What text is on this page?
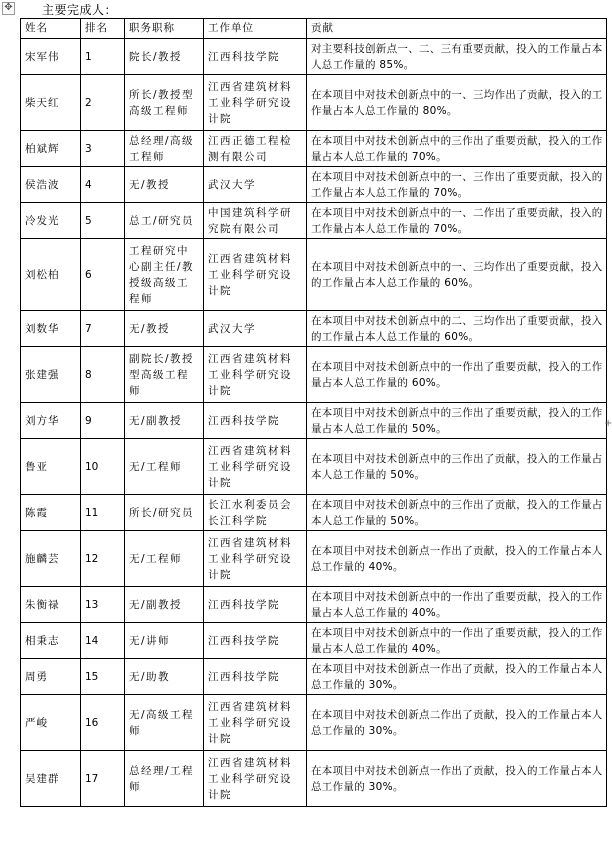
✥ 主要完成人：
姓名	排名	职务职称	工作单位	贡献
宋军伟	1	院长/教授	江西科技学院	对主要科技创新点一、二、三有重要贡献，投入的工作量占本人总工作量的 85%。
柴天红	2	所长/教授型高级工程师	江西省建筑材料工业科学研究设计院	在本项目中对技术创新点中的一、三均作出了贡献，投入的工作量占本人总工作量的 80%。
柏斌辉	3	总经理/高级工程师	江西正德工程检测有限公司	在本项目中对技术创新点中的三作出了重要贡献，投入的工作量占本人总工作量的 70%。
侯浩波	4	无/教授	武汉大学	在本项目中对技术创新点中的一、三作出了重要贡献，投入的工作量占本人总工作量的 70%。
冷发光	5	总工/研究员	中国建筑科学研究院有限公司	在本项目中对技术创新点中的一、二作出了重要贡献，投入的工作量占本人总工作量的 70%。
刘松柏	6	工程研究中心副主任/教授级高级工程师	江西省建筑材料工业科学研究设计院	在本项目中对技术创新点中的一、三均作出了重要贡献，投入的工作量占本人总工作量的 60%。
刘数华	7	无/教授	武汉大学	在本项目中对技术创新点中的二、三均作出了重要贡献，投入的工作量占本人总工作量的 60%。
张建强	8	副院长/教授型高级工程师	江西省建筑材料工业科学研究设计院	在本项目中对技术创新点中的一作出了重要贡献，投入的工作量占本人总工作量的 60%。
刘方华	9	无/副教授	江西科技学院	在本项目中对技术创新点中的三作出了重要贡献，投入的工作量占本人总工作量的 50%。
鲁亚	10	无/工程师	江西省建筑材料工业科学研究设计院	在本项目中对技术创新点中的三作出了贡献，投入的工作量占本人总工作量的 50%。
陈霞	11	所长/研究员	长江水利委员会长江科学院	在本项目中对技术创新点中的三作出了贡献，投入的工作量占本人总工作量的 50%。
施麟芸	12	无/工程师	江西省建筑材料工业科学研究设计院	在本项目中对技术创新点一作出了贡献，投入的工作量占本人总工作量的 40%。
朱衡禄	13	无/副教授	江西科技学院	在本项目中对技术创新点中的一作出了重要贡献，投入的工作量占本人总工作量的 40%。
相秉志	14	无/讲师	江西科技学院	在本项目中对技术创新点中的一作出了重要贡献，投入的工作量占本人总工作量的 40%。
周勇	15	无/助教	江西科技学院	在本项目中对技术创新点一作出了贡献，投入的工作量占本人总工作量的 30%。
严峻	16	无/高级工程师	江西省建筑材料工业科学研究设计院	在本项目中对技术创新点二作出了贡献，投入的工作量占本人总工作量的 30%。
吴建群	17	总经理/工程师	江西省建筑材料工业科学研究设计院	在本项目中对技术创新点一作出了贡献，投入的工作量占本人总工作量的 30%。
+
